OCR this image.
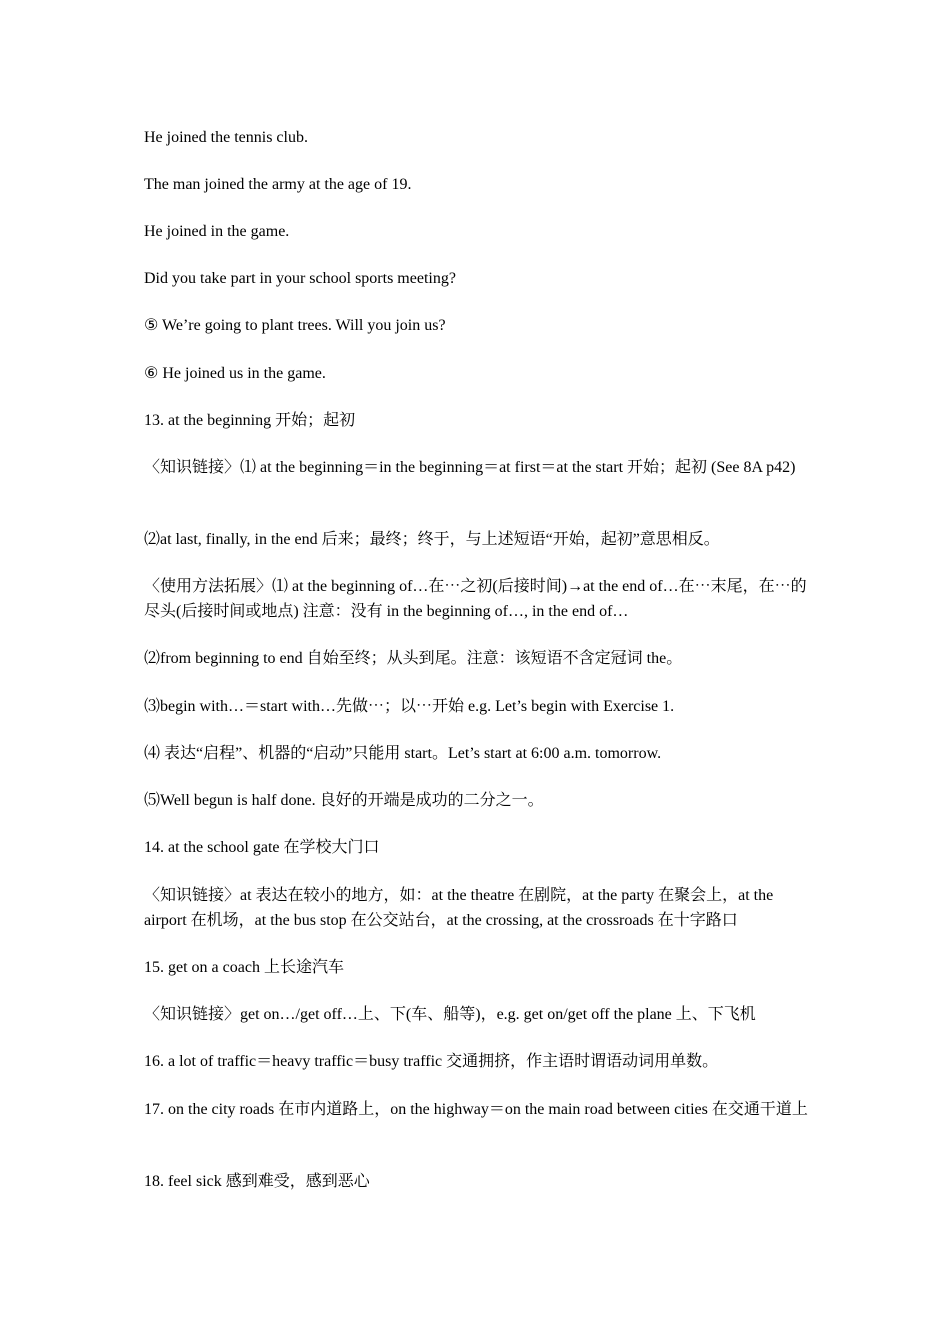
He joined the tennis club.

The man joined the army at the age of 19.

He joined in the game.

Did you take part in your school sports meeting?

⑤ We’re going to plant trees. Will you join us?

⑥ He joined us in the game.

13. at the beginning 开始；起初

〈知识链接〉⑴ at the beginning＝in the beginning＝at first＝at the start 开始；起初 (See 8A p42)

⑵at last, finally, in the end 后来；最终；终于，与上述短语“开始，起初”意思相反。

〈使用方法拓展〉⑴ at the beginning of…在⋯之初(后接时间)→at the end of…在⋯末尾，在⋯的尽头(后接时间或地点) 注意：没有 in the beginning of…, in the end of…

⑵from beginning to end 自始至终；从头到尾。注意：该短语不含定冠词 the。

⑶begin with…＝start with…先做⋯；以⋯开始 e.g. Let’s begin with Exercise 1.

⑷ 表达“启程”、机器的“启动”只能用 start。Let’s start at 6:00 a.m. tomorrow.

⑸Well begun is half done. 良好的开端是成功的二分之一。

14. at the school gate 在学校大门口

〈知识链接〉at 表达在较小的地方，如：at the theatre 在剧院，at the party 在聚会上，at the airport 在机场，at the bus stop 在公交站台，at the crossing, at the crossroads 在十字路口

15. get on a coach 上长途汽车

〈知识链接〉get on…/get off…上、下(车、船等)，e.g. get on/get off the plane 上、下飞机

16. a lot of traffic＝heavy traffic＝busy traffic 交通拥挤，作主语时谓语动词用单数。

17. on the city roads 在市内道路上，on the highway＝on the main road between cities 在交通干道上

18. feel sick 感到难受，感到恶心
